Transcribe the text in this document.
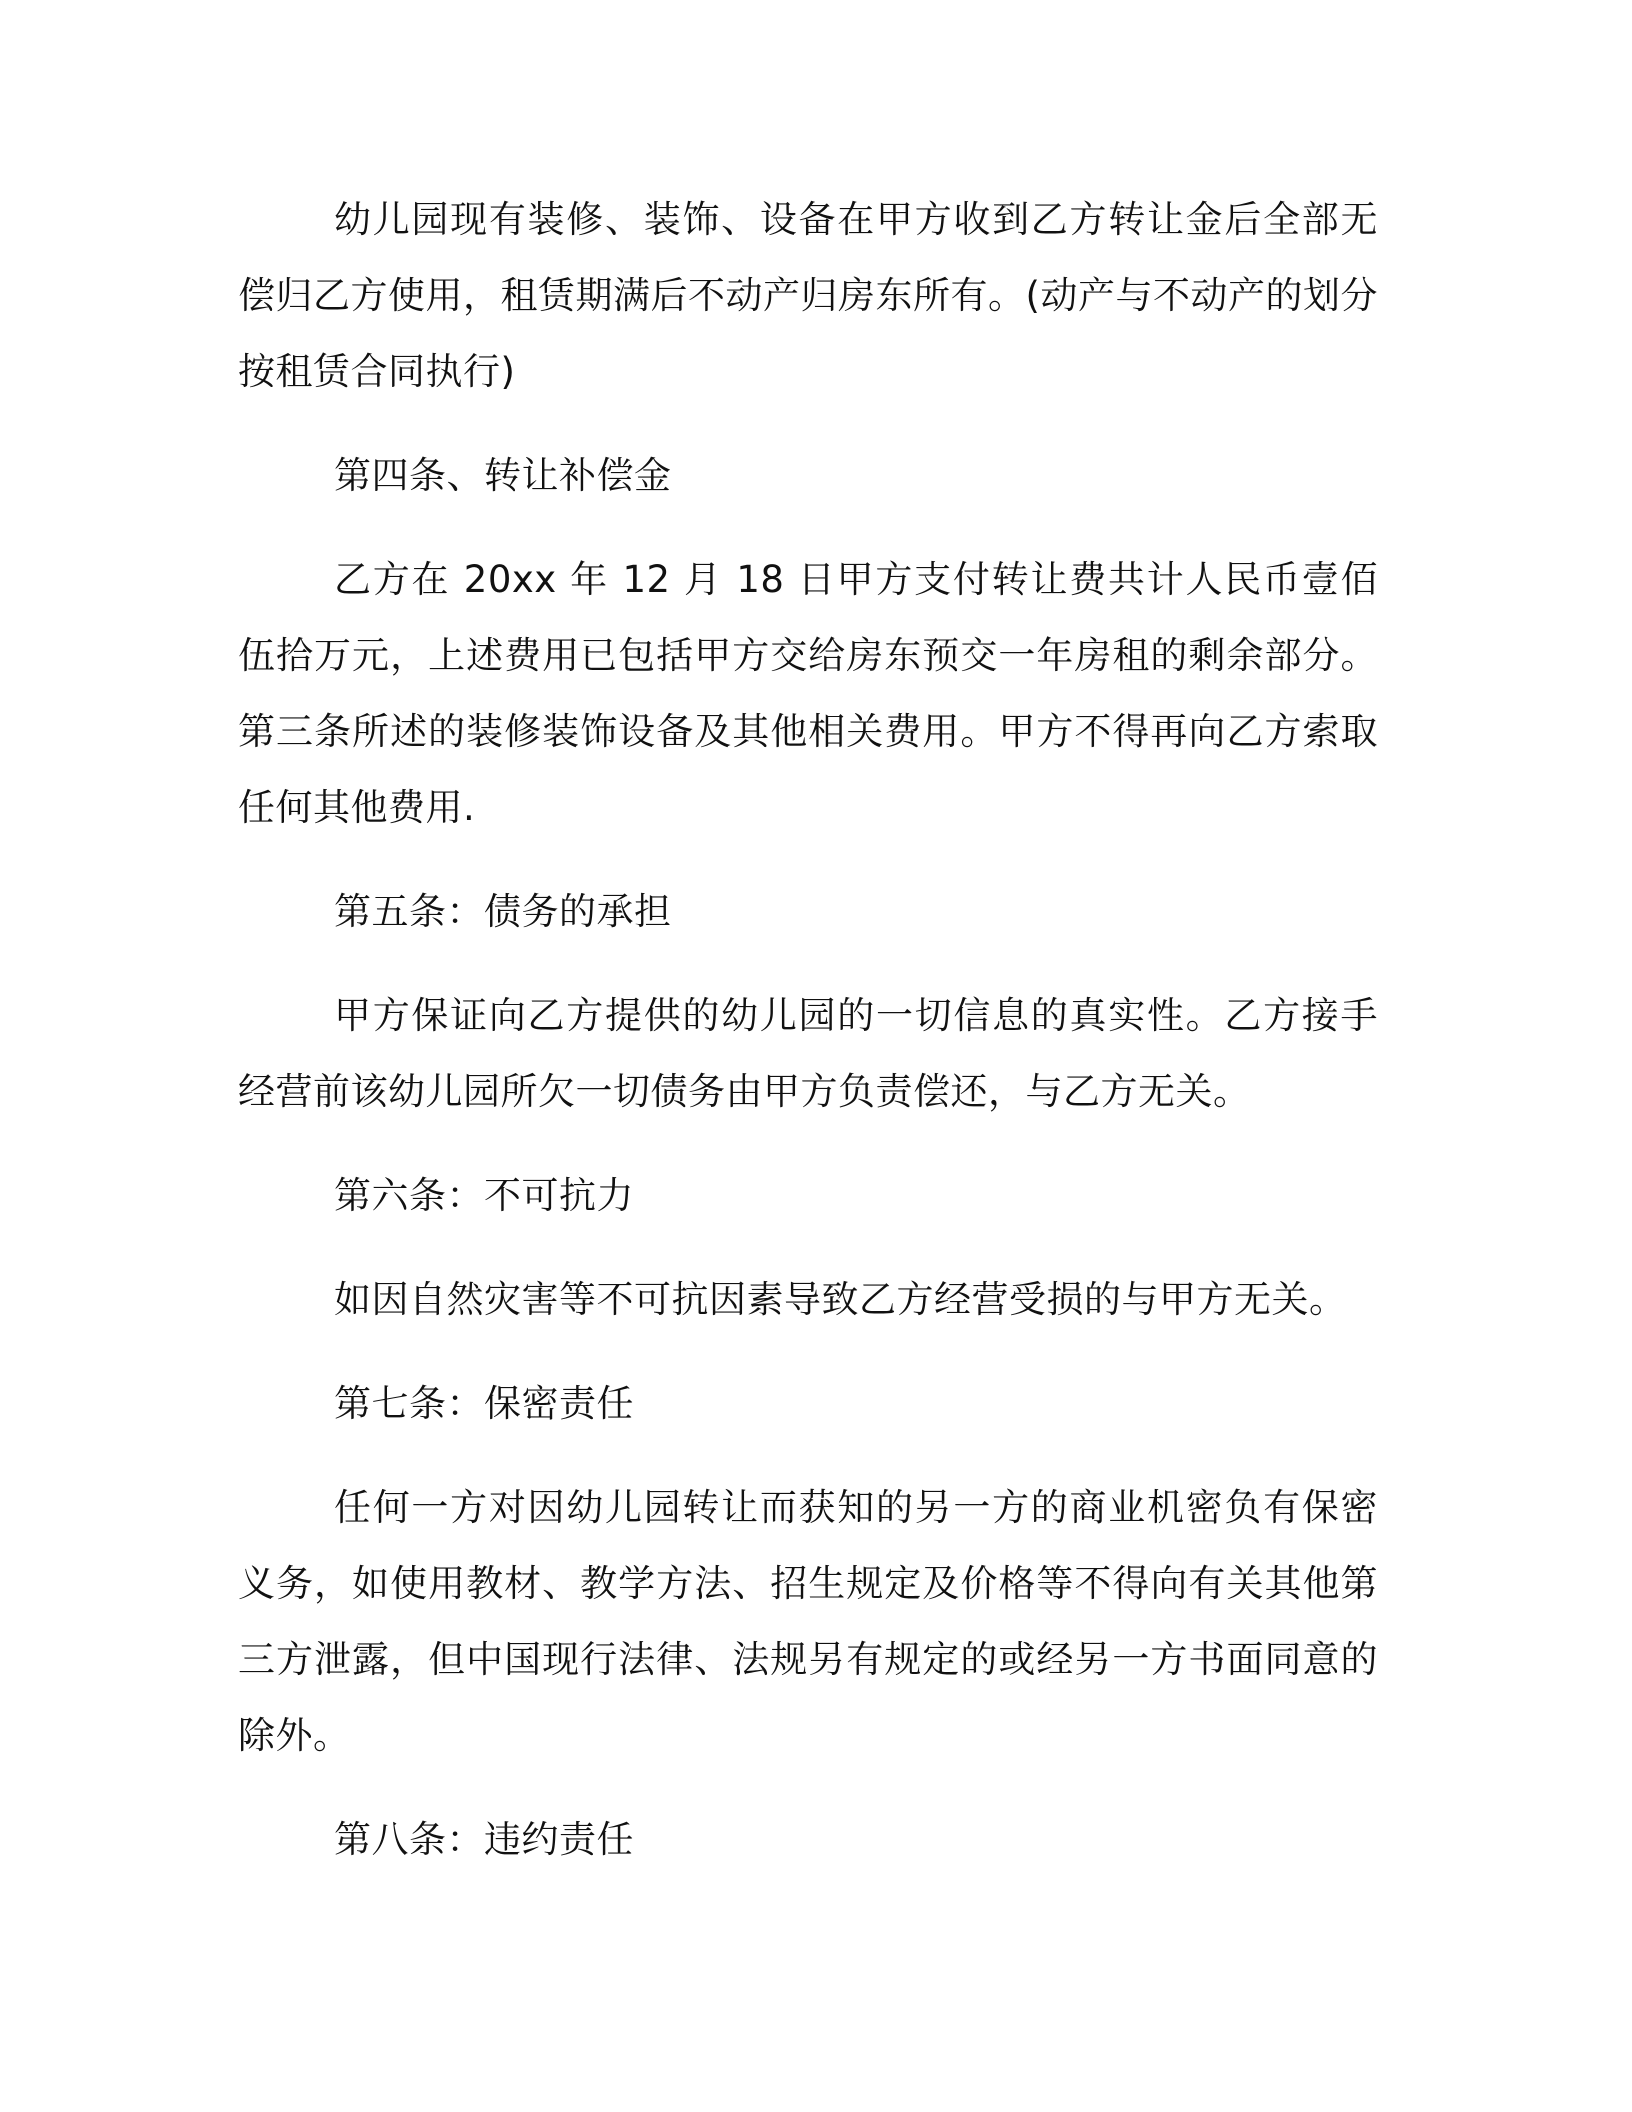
幼儿园现有装修、装饰、设备在甲方收到乙方转让金后全部无偿归乙方使用，租赁期满后不动产归房东所有。(动产与不动产的划分按租赁合同执行)

第四条、转让补偿金

乙方在 20xx 年 12 月 18 日甲方支付转让费共计人民币壹佰伍拾万元，上述费用已包括甲方交给房东预交一年房租的剩余部分。第三条所述的装修装饰设备及其他相关费用。甲方不得再向乙方索取任何其他费用.

第五条：债务的承担

甲方保证向乙方提供的幼儿园的一切信息的真实性。乙方接手经营前该幼儿园所欠一切债务由甲方负责偿还，与乙方无关。

第六条：不可抗力

如因自然灾害等不可抗因素导致乙方经营受损的与甲方无关。

第七条：保密责任

任何一方对因幼儿园转让而获知的另一方的商业机密负有保密义务，如使用教材、教学方法、招生规定及价格等不得向有关其他第三方泄露，但中国现行法律、法规另有规定的或经另一方书面同意的除外。

第八条：违约责任
